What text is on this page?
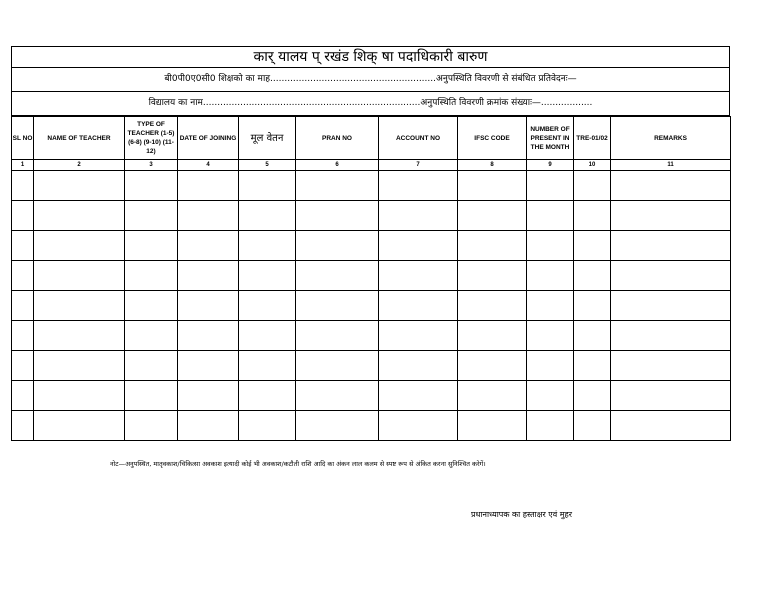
कार् यालय प् रखंड शिक् षा पदाधिकारी बारुण
बी0पी0ए0सी0 शिक्षको का माह..........................................................अनुपस्थिति विवरणी से संबंधित प्रतिवेदनः—
विद्यालय का नाम............................................................................अनुपस्थिति विवरणी क्रमांक संख्याः—..................
SL NO	NAME OF TEACHER	TYPE OF TEACHER (1-5) (6-8) (9-10) (11-12)	DATE OF JOINING	मूल वेतन	PRAN NO	ACCOUNT NO	IFSC CODE	NUMBER OF PRESENT IN THE MONTH	TRE-01/02	REMARKS
1	2	3	4	5	6	7	8	9	10	11

नोट—अनुपस्थित, मातृवकाश/चिकित्सा अवकाश इत्यादी कोई भी अवकाश/कटौती राशि आदि का अंकन लाल कलम से स्पष्ट रूप से अंकित करना सुनिश्चित करेगें।
प्रधानाध्यापक का हस्ताक्षर एवं मुहर
